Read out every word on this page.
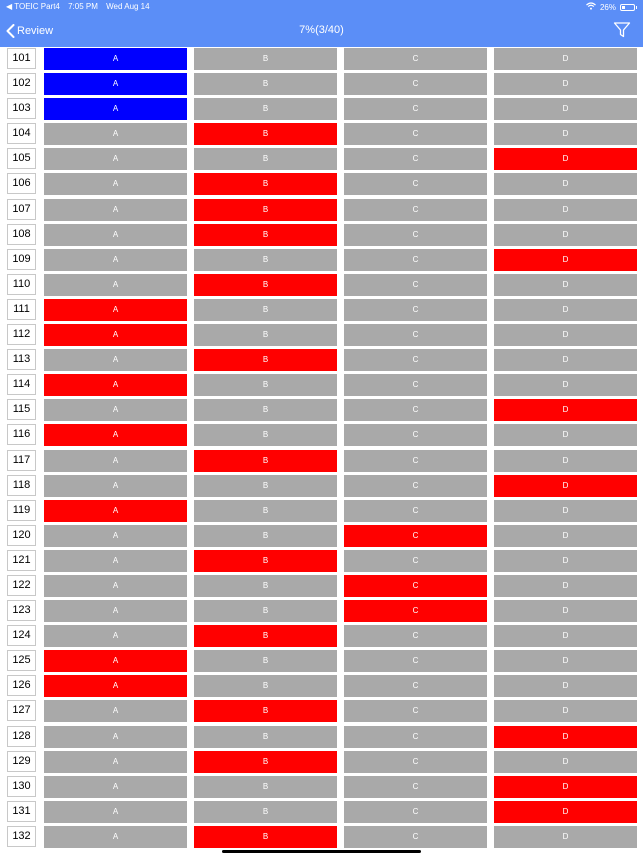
◀ TOEIC Part4 7:05 PM Wed Aug 14	26%
Review	7%(3/40)
101	A	B	C	D
102	A	B	C	D
103	A	B	C	D
104	A	B	C	D
105	A	B	C	D
106	A	B	C	D
107	A	B	C	D
108	A	B	C	D
109	A	B	C	D
110	A	B	C	D
111	A	B	C	D
112	A	B	C	D
113	A	B	C	D
114	A	B	C	D
115	A	B	C	D
116	A	B	C	D
117	A	B	C	D
118	A	B	C	D
119	A	B	C	D
120	A	B	C	D
121	A	B	C	D
122	A	B	C	D
123	A	B	C	D
124	A	B	C	D
125	A	B	C	D
126	A	B	C	D
127	A	B	C	D
128	A	B	C	D
129	A	B	C	D
130	A	B	C	D
131	A	B	C	D
132	A	B	C	D
